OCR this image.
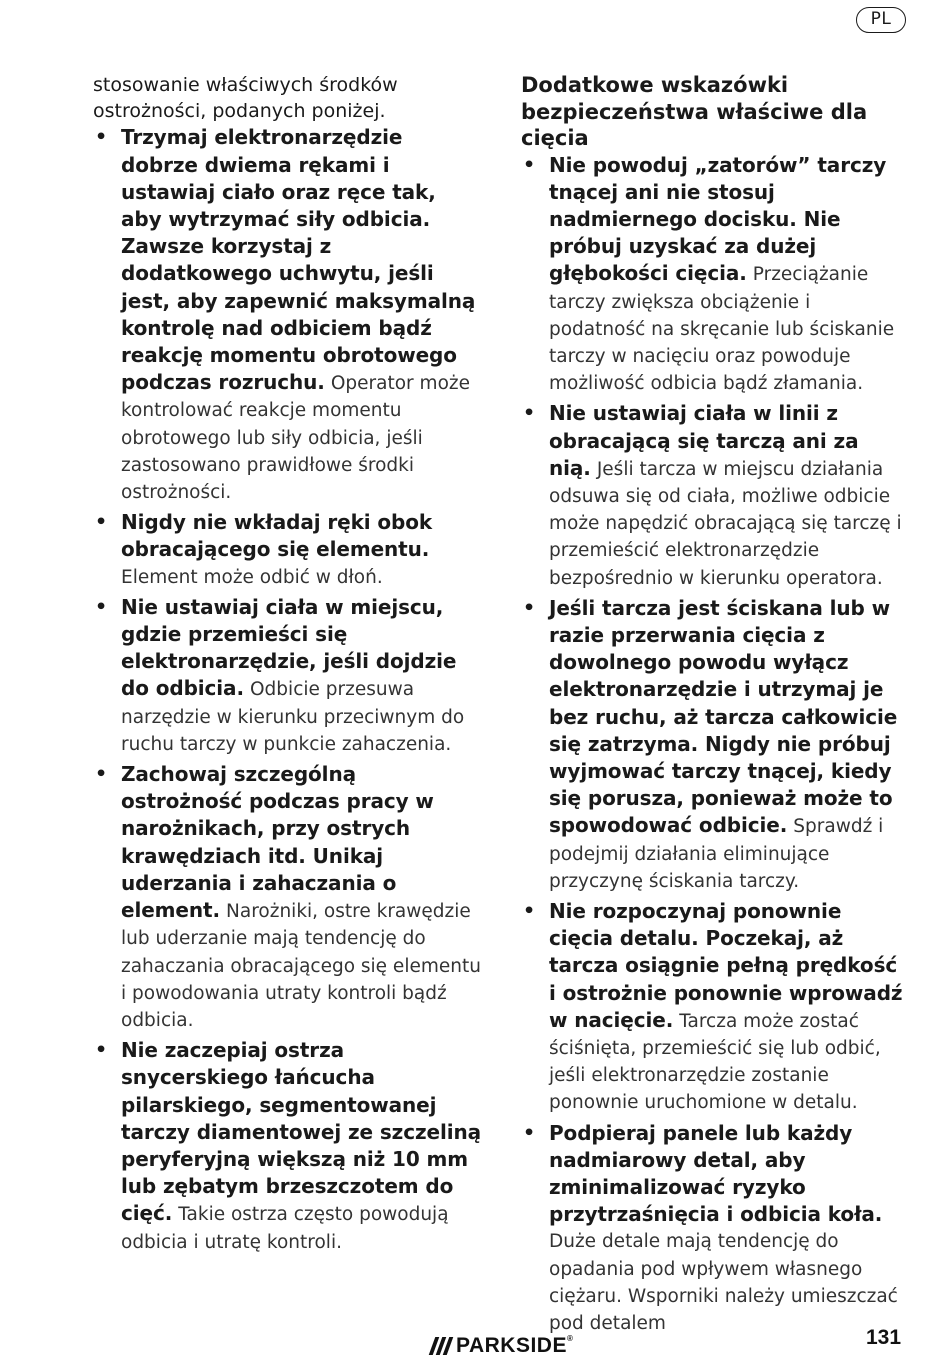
PL

stosowanie właściwych środków ostrożności, podanych poniżej.

• Trzymaj elektronarzędzie dobrze dwiema rękami i ustawiaj ciało oraz ręce tak, aby wytrzymać siły odbicia. Zawsze korzystaj z dodatkowego uchwytu, jeśli jest, aby zapewnić maksymalną kontrolę nad odbiciem bądź reakcję momentu obrotowego podczas rozruchu. Operator może kontrolować reakcje momentu obrotowego lub siły odbicia, jeśli zastosowano prawidłowe środki ostrożności.
• Nigdy nie wkładaj ręki obok obracającego się elementu. Element może odbić w dłoń.
• Nie ustawiaj ciała w miejscu, gdzie przemieści się elektronarzędzie, jeśli dojdzie do odbicia. Odbicie przesuwa narzędzie w kierunku przeciwnym do ruchu tarczy w punkcie zahaczenia.
• Zachowaj szczególną ostrożność podczas pracy w narożnikach, przy ostrych krawędziach itd. Unikaj uderzania i zahaczania o element. Narożniki, ostre krawędzie lub uderzanie mają tendencję do zahaczania obracającego się elementu i powodowania utraty kontroli bądź odbicia.
• Nie zaczepiaj ostrza snycerskiego łańcucha pilarskiego, segmentowanej tarczy diamentowej ze szczeliną peryferyjną większą niż 10 mm lub zębatym brzeszczotem do cięć. Takie ostrza często powodują odbicia i utratę kontroli.

Dodatkowe wskazówki bezpieczeństwa właściwe dla cięcia

• Nie powoduj „zatorów” tarczy tnącej ani nie stosuj nadmiernego docisku. Nie próbuj uzyskać za dużej głębokości cięcia. Przeciążanie tarczy zwiększa obciążenie i podatność na skręcanie lub ściskanie tarczy w nacięciu oraz powoduje możliwość odbicia bądź złamania.
• Nie ustawiaj ciała w linii z obracającą się tarczą ani za nią. Jeśli tarcza w miejscu działania odsuwa się od ciała, możliwe odbicie może napędzić obracającą się tarczę i przemieścić elektronarzędzie bezpośrednio w kierunku operatora.
• Jeśli tarcza jest ściskana lub w razie przerwania cięcia z dowolnego powodu wyłącz elektronarzędzie i utrzymaj je bez ruchu, aż tarcza całkowicie się zatrzyma. Nigdy nie próbuj wyjmować tarczy tnącej, kiedy się porusza, ponieważ może to spowodować odbicie. Sprawdź i podejmij działania eliminujące przyczynę ściskania tarczy.
• Nie rozpoczynaj ponownie cięcia detalu. Poczekaj, aż tarcza osiągnie pełną prędkość i ostrożnie ponownie wprowadź w nacięcie. Tarcza może zostać ściśnięta, przemieścić się lub odbić, jeśli elektronarzędzie zostanie ponownie uruchomione w detalu.
• Podpieraj panele lub każdy nadmiarowy detal, aby zminimalizować ryzyko przytrzaśnięcia i odbicia koła. Duże detale mają tendencję do opadania pod wpływem własnego ciężaru. Wsporniki należy umieszczać pod detalem
PARKSIDE®	131
